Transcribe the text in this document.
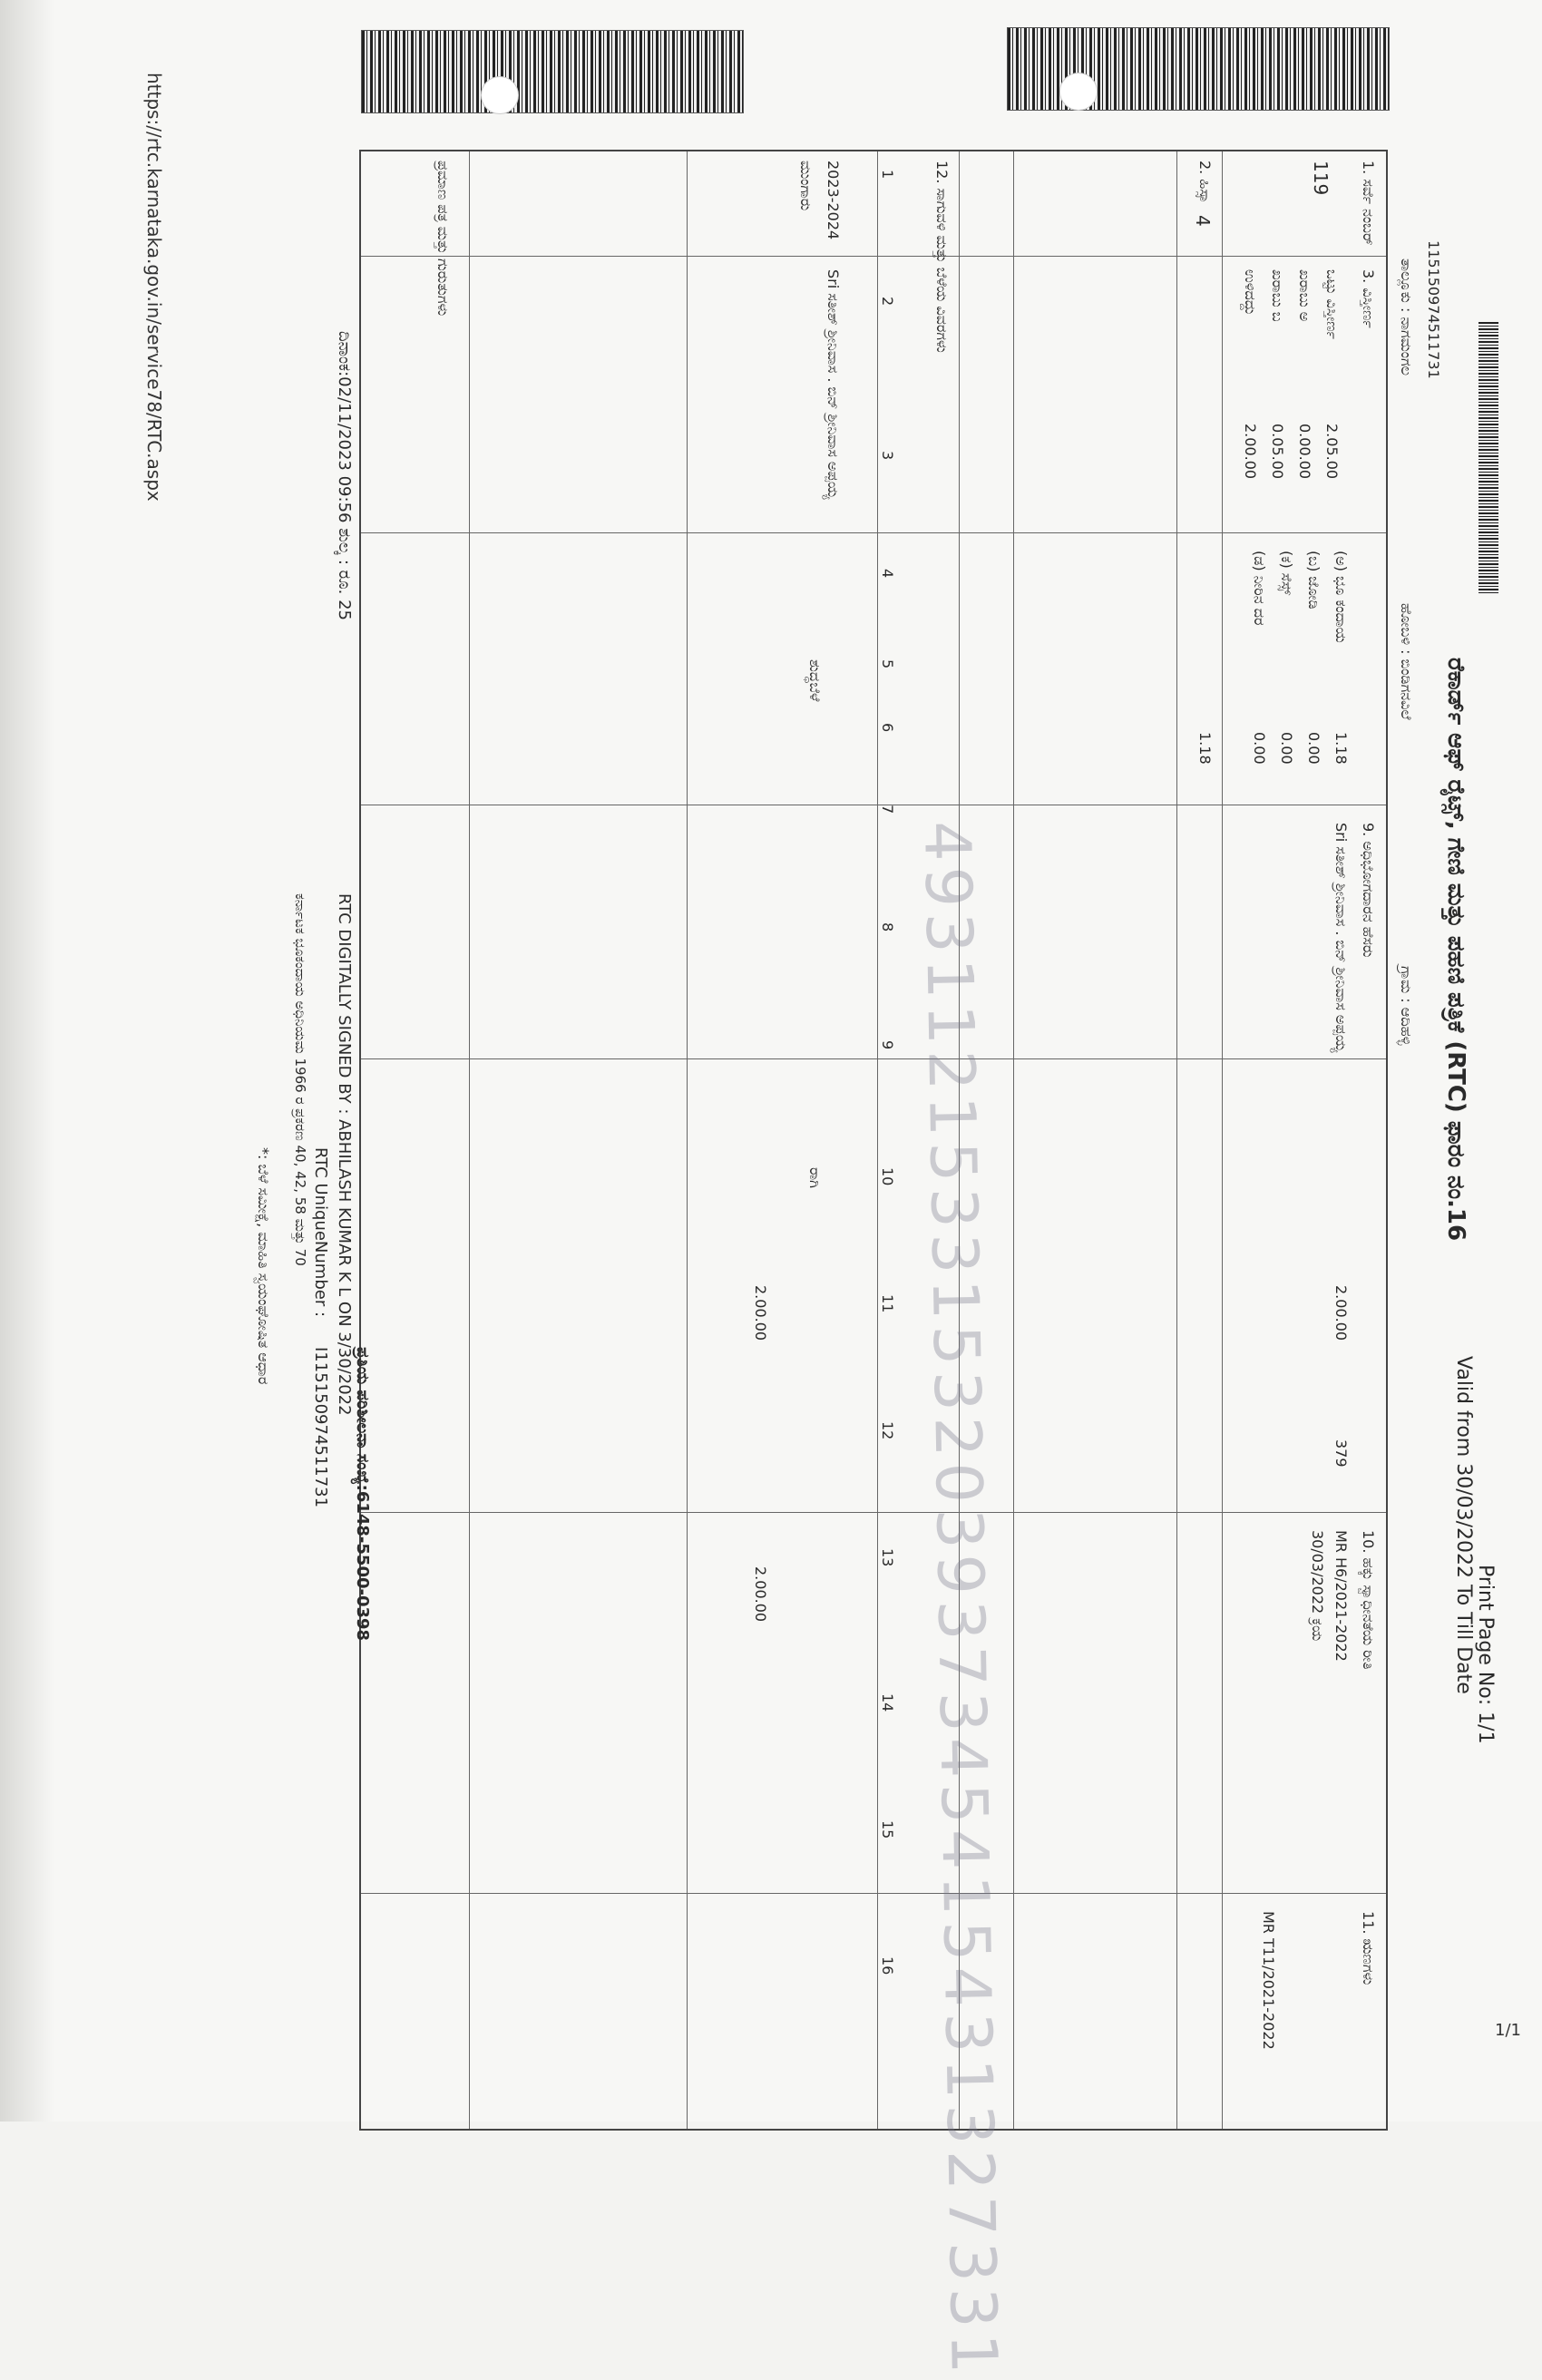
https://rtc.karnataka.gov.in/service78/RTC.aspx
1/1
ರೆಕಾರ್ಡ್ ಆಫ್ ರೈಟ್ಸ್, ಗೇಣಿ ಮತ್ತು ಪಹಣಿ ಪತ್ರಿಕೆ (RTC) ಫಾರಂ ನಂ.16
Print Page No: 1/1
Valid from 30/03/2022 To Till Date
115150974511731
ತಾಲ್ಲೂಕು : ನಾಗಮಂಗಲ
ಹೋಬಳಿ : ಬಿಂಡಿಗನವಿಲೆ
ಗ್ರಾಮ : ಆದಿಹಳ್ಳಿ
1. ಸರ್ವೆ ನಂಬರ್
119
2. ಹಿಸ್ಸಾ
4
3. ವಿಸ್ತೀರ್ಣ
ಒಟ್ಟು ವಿಸ್ತೀರ್ಣ
2.05.00
ಖರಾಬು ಅ
0.00.00
ಖರಾಬು ಬ
0.05.00
ಉಳಿದದ್ದು
2.00.00
(ಅ) ಭೂ ಕಂದಾಯ
1.18
(ಬ) ಜೋಡಿ
0.00
(ಕ) ಸೆಸ್ಸ್
0.00
(ಡ) ನೀರಿನ ದರ
0.00
1.18
9. ಅಧಿಭೋಗದಾರನ ಹೆಸರು
Sri ಸತೀಶ್ ಶ್ರೀನಿವಾಸ . ಬಿನ್ ಶ್ರೀನಿವಾಸ ಅಪ್ಪಯ್ಯ
2.00.00
379
10. ಹಕ್ಕು ಸ್ವಾಧೀನತೆಯ ರೀತಿ
MR H6/2021-2022
30/03/2022 ಕ್ರಯ
11. ಋಣಗಳು
MR T11/2021-2022
12. ಸಾಗುವಳಿ ಮತ್ತು ಬೆಳೆಯ ವಿವರಗಳು
1
2
3
4
5
6
7
8
9
10
11
12
13
14
15
16
2023-2024
ಮುಂಗಾರು
Sri ಸತೀಶ್ ಶ್ರೀನಿವಾಸ . ಬಿನ್ ಶ್ರೀನಿವಾಸ ಅಪ್ಪಯ್ಯ
ಶುದ್ಧಬೆಳೆ
ರಾಗಿ
2.00.00
2.00.00
ಪ್ರಮಾಣ ಪತ್ರ ಮತ್ತು ಗುರುತುಗಳು
4931121533153203937345415431327331
ದಿನಾಂಕ:02/11/2023 09:56 ಶುಲ್ಕ : ರೂ. 25
RTC DIGITALLY SIGNED BY : ABHILASH KUMAR K L ON 3/30/2022
RTC UniqueNumber :
I115150974511731
ಕರ್ನಾಟಕ ಭೂಕಂದಾಯ ಅಧಿನಿಯಮ 1966 ರ ಪ್ರಕರಣ 40, 42, 58 ಮತ್ತು 70
ಪ್ರತಿಯ ಪರಿಶೀಲನಾ ಸಂಖ್ಯೆ:6148-5500-0398
*: ಬೆಳೆ ಸಮೀಕ್ಷೆ, ಮಾಹಿತಿ ಸ್ವಯಂಘೋಷಿತ ಆಧಾರ
